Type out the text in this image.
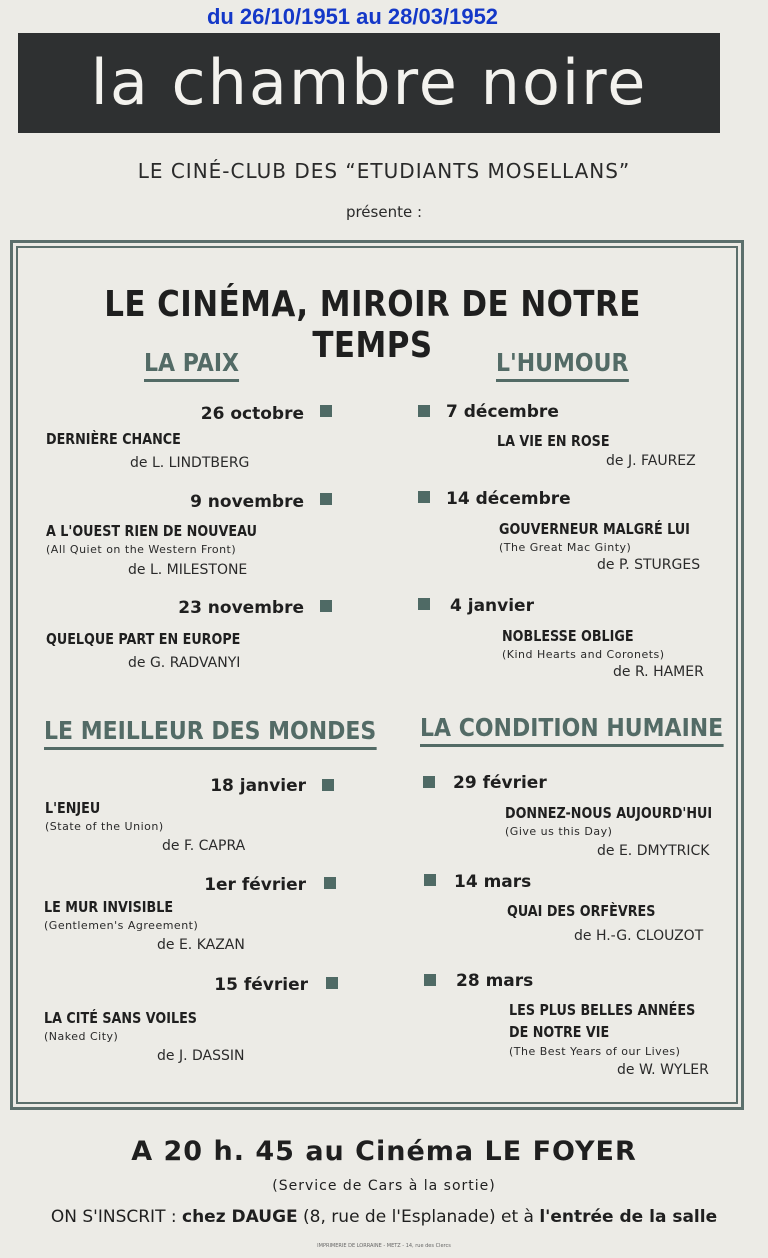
du 26/10/1951 au 28/03/1952
la chambre noire
LE CINÉ-CLUB DES “ETUDIANTS MOSELLANS”
présente :
LE CINÉMA, MIROIR DE NOTRE TEMPS
LA PAIX
26 octobre
DERNIÈRE CHANCE
de L. LINDTBERG
9 novembre
A L'OUEST RIEN DE NOUVEAU
(All Quiet on the Western Front)
de L. MILESTONE
23 novembre
QUELQUE PART EN EUROPE
de G. RADVANYI
L'HUMOUR
7 décembre
LA VIE EN ROSE
de J. FAUREZ
14 décembre
GOUVERNEUR MALGRÉ LUI
(The Great Mac Ginty)
de P. STURGES
4 janvier
NOBLESSE OBLIGE
(Kind Hearts and Coronets)
de R. HAMER
LE MEILLEUR DES MONDES
18 janvier
L'ENJEU
(State of the Union)
de F. CAPRA
1er février
LE MUR INVISIBLE
(Gentlemen's Agreement)
de E. KAZAN
15 février
LA CITÉ SANS VOILES
(Naked City)
de J. DASSIN
LA CONDITION HUMAINE
29 février
DONNEZ-NOUS AUJOURD'HUI
(Give us this Day)
de E. DMYTRICK
14 mars
QUAI DES ORFÈVRES
de H.-G. CLOUZOT
28 mars
LES PLUS BELLES ANNÉES
DE NOTRE VIE
(The Best Years of our Lives)
de W. WYLER
A 20 h. 45 au Cinéma LE FOYER
(Service de Cars à la sortie)
ON S'INSCRIT : chez DAUGE (8, rue de l'Esplanade) et à l'entrée de la salle
IMPRIMERIE DE LORRAINE - METZ - 14, rue des Clercs
